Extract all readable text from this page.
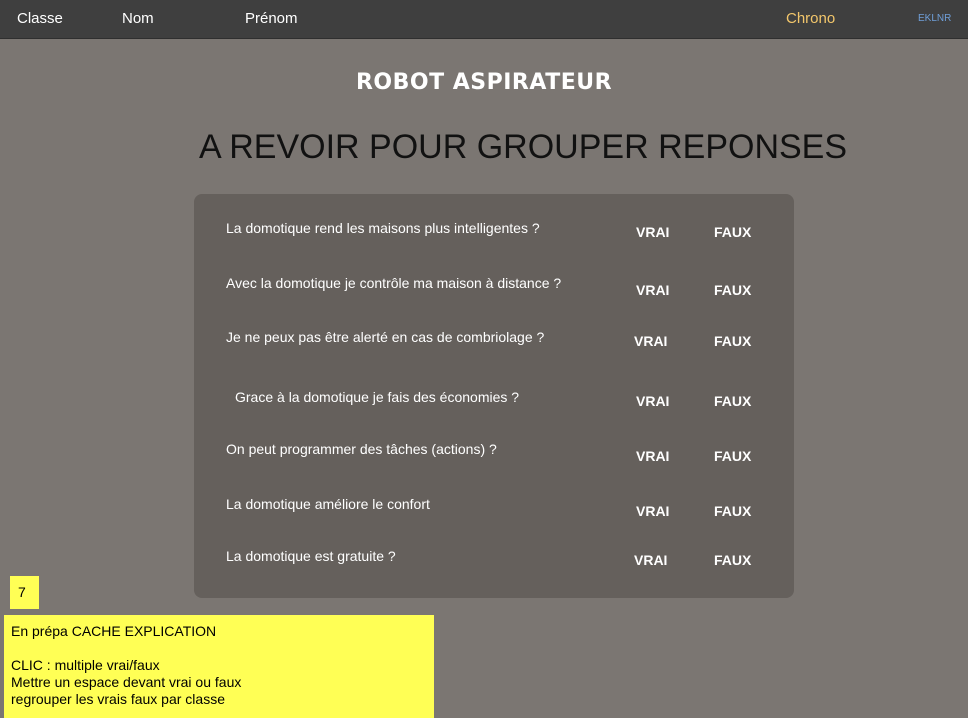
Classe	Nom	Prénom	Chrono	EKLNR
ROBOT ASPIRATEUR
A REVOIR POUR GROUPER REPONSES
La domotique rend les maisons plus intelligentes ?	VRAI	FAUX
Avec la domotique je contrôle ma maison à distance ?	VRAI	FAUX
Je ne peux pas être alerté en cas de combriolage ?	VRAI	FAUX
Grace à la domotique je fais des économies ?	VRAI	FAUX
On peut programmer des tâches (actions) ?	VRAI	FAUX
La domotique améliore le confort	VRAI	FAUX
La domotique est gratuite ?	VRAI	FAUX
7
En prépa CACHE EXPLICATION
CLIC : multiple vrai/faux
Mettre un espace devant vrai ou faux
regrouper les vrais faux par classe
